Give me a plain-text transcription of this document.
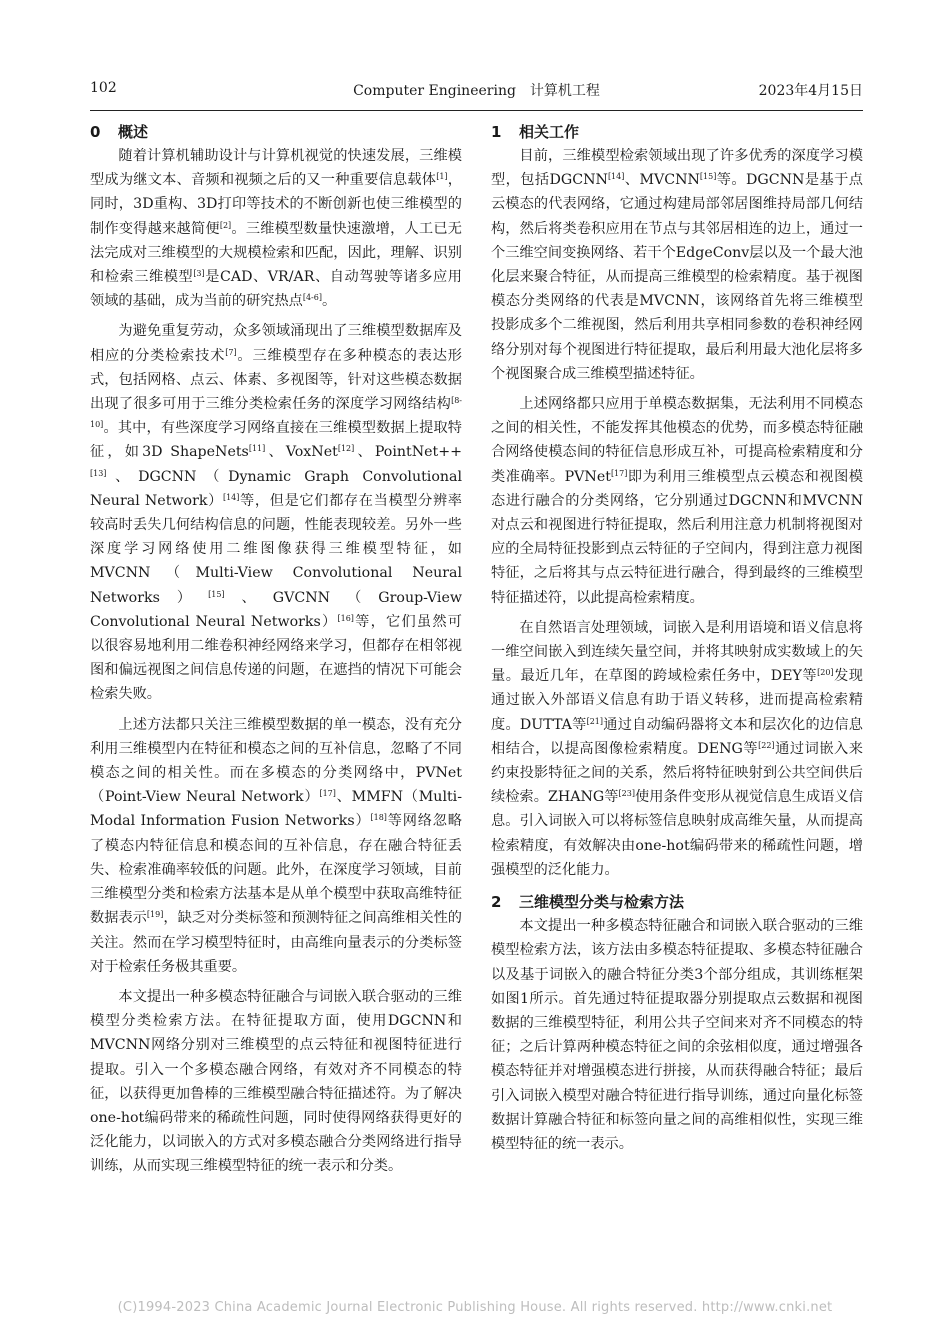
102	Computer Engineering　计算机工程	2023年4月15日
0 概述

随着计算机辅助设计与计算机视觉的快速发展，三维模型成为继文本、音频和视频之后的又一种重要信息载体[1]，同时，3D重构、3D打印等技术的不断创新也使三维模型的制作变得越来越简便[2]。三维模型数量快速激增，人工已无法完成对三维模型的大规模检索和匹配，因此，理解、识别和检索三维模型[3]是CAD、VR/AR、自动驾驶等诸多应用领域的基础，成为当前的研究热点[4-6]。

为避免重复劳动，众多领域涌现出了三维模型数据库及相应的分类检索技术[7]。三维模型存在多种模态的表达形式，包括网格、点云、体素、多视图等，针对这些模态数据出现了很多可用于三维分类检索任务的深度学习网络结构[8-10]。其中，有些深度学习网络直接在三维模型数据上提取特征，如3D ShapeNets[11]、VoxNet[12]、PointNet++[13]、DGCNN（Dynamic Graph Convolutional Neural Network）[14]等，但是它们都存在当模型分辨率较高时丢失几何结构信息的问题，性能表现较差。另外一些深度学习网络使用二维图像获得三维模型特征，如MVCNN（Multi-View Convolutional Neural Networks）[15]、GVCNN（Group-View Convolutional Neural Networks）[16]等，它们虽然可以很容易地利用二维卷积神经网络来学习，但都存在相邻视图和偏远视图之间信息传递的问题，在遮挡的情况下可能会检索失败。

上述方法都只关注三维模型数据的单一模态，没有充分利用三维模型内在特征和模态之间的互补信息，忽略了不同模态之间的相关性。而在多模态的分类网络中，PVNet（Point-View Neural Network）[17]、MMFN（Multi-Modal Information Fusion Networks）[18]等网络忽略了模态内特征信息和模态间的互补信息，存在融合特征丢失、检索准确率较低的问题。此外，在深度学习领域，目前三维模型分类和检索方法基本是从单个模型中获取高维特征数据表示[19]，缺乏对分类标签和预测特征之间高维相关性的关注。然而在学习模型特征时，由高维向量表示的分类标签对于检索任务极其重要。

本文提出一种多模态特征融合与词嵌入联合驱动的三维模型分类检索方法。在特征提取方面，使用DGCNN和MVCNN网络分别对三维模型的点云特征和视图特征进行提取。引入一个多模态融合网络，有效对齐不同模态的特征，以获得更加鲁棒的三维模型融合特征描述符。为了解决one-hot编码带来的稀疏性问题，同时使得网络获得更好的泛化能力，以词嵌入的方式对多模态融合分类网络进行指导训练，从而实现三维模型特征的统一表示和分类。

1 相关工作

目前，三维模型检索领域出现了许多优秀的深度学习模型，包括DGCNN[14]、MVCNN[15]等。DGCNN是基于点云模态的代表网络，它通过构建局部邻居图维持局部几何结构，然后将类卷积应用在节点与其邻居相连的边上，通过一个三维空间变换网络、若干个EdgeConv层以及一个最大池化层来聚合特征，从而提高三维模型的检索精度。基于视图模态分类网络的代表是MVCNN，该网络首先将三维模型投影成多个二维视图，然后利用共享相同参数的卷积神经网络分别对每个视图进行特征提取，最后利用最大池化层将多个视图聚合成三维模型描述特征。

上述网络都只应用于单模态数据集，无法利用不同模态之间的相关性，不能发挥其他模态的优势，而多模态特征融合网络使模态间的特征信息形成互补，可提高检索精度和分类准确率。PVNet[17]即为利用三维模型点云模态和视图模态进行融合的分类网络，它分别通过DGCNN和MVCNN对点云和视图进行特征提取，然后利用注意力机制将视图对应的全局特征投影到点云特征的子空间内，得到注意力视图特征，之后将其与点云特征进行融合，得到最终的三维模型特征描述符，以此提高检索精度。

在自然语言处理领域，词嵌入是利用语境和语义信息将一维空间嵌入到连续矢量空间，并将其映射成实数域上的矢量。最近几年，在草图的跨域检索任务中，DEY等[20]发现通过嵌入外部语义信息有助于语义转移，进而提高检索精度。DUTTA等[21]通过自动编码器将文本和层次化的边信息相结合，以提高图像检索精度。DENG等[22]通过词嵌入来约束投影特征之间的关系，然后将特征映射到公共空间供后续检索。ZHANG等[23]使用条件变形从视觉信息生成语义信息。引入词嵌入可以将标签信息映射成高维矢量，从而提高检索精度，有效解决由one-hot编码带来的稀疏性问题，增强模型的泛化能力。

2 三维模型分类与检索方法

本文提出一种多模态特征融合和词嵌入联合驱动的三维模型检索方法，该方法由多模态特征提取、多模态特征融合以及基于词嵌入的融合特征分类3个部分组成，其训练框架如图1所示。首先通过特征提取器分别提取点云数据和视图数据的三维模型特征，利用公共子空间来对齐不同模态的特征；之后计算两种模态特征之间的余弦相似度，通过增强各模态特征并对增强模态进行拼接，从而获得融合特征；最后引入词嵌入模型对融合特征进行指导训练，通过向量化标签数据计算融合特征和标签向量之间的高维相似性，实现三维模型特征的统一表示。

(C)1994-2023 China Academic Journal Electronic Publishing House. All rights reserved. http://www.cnki.net
